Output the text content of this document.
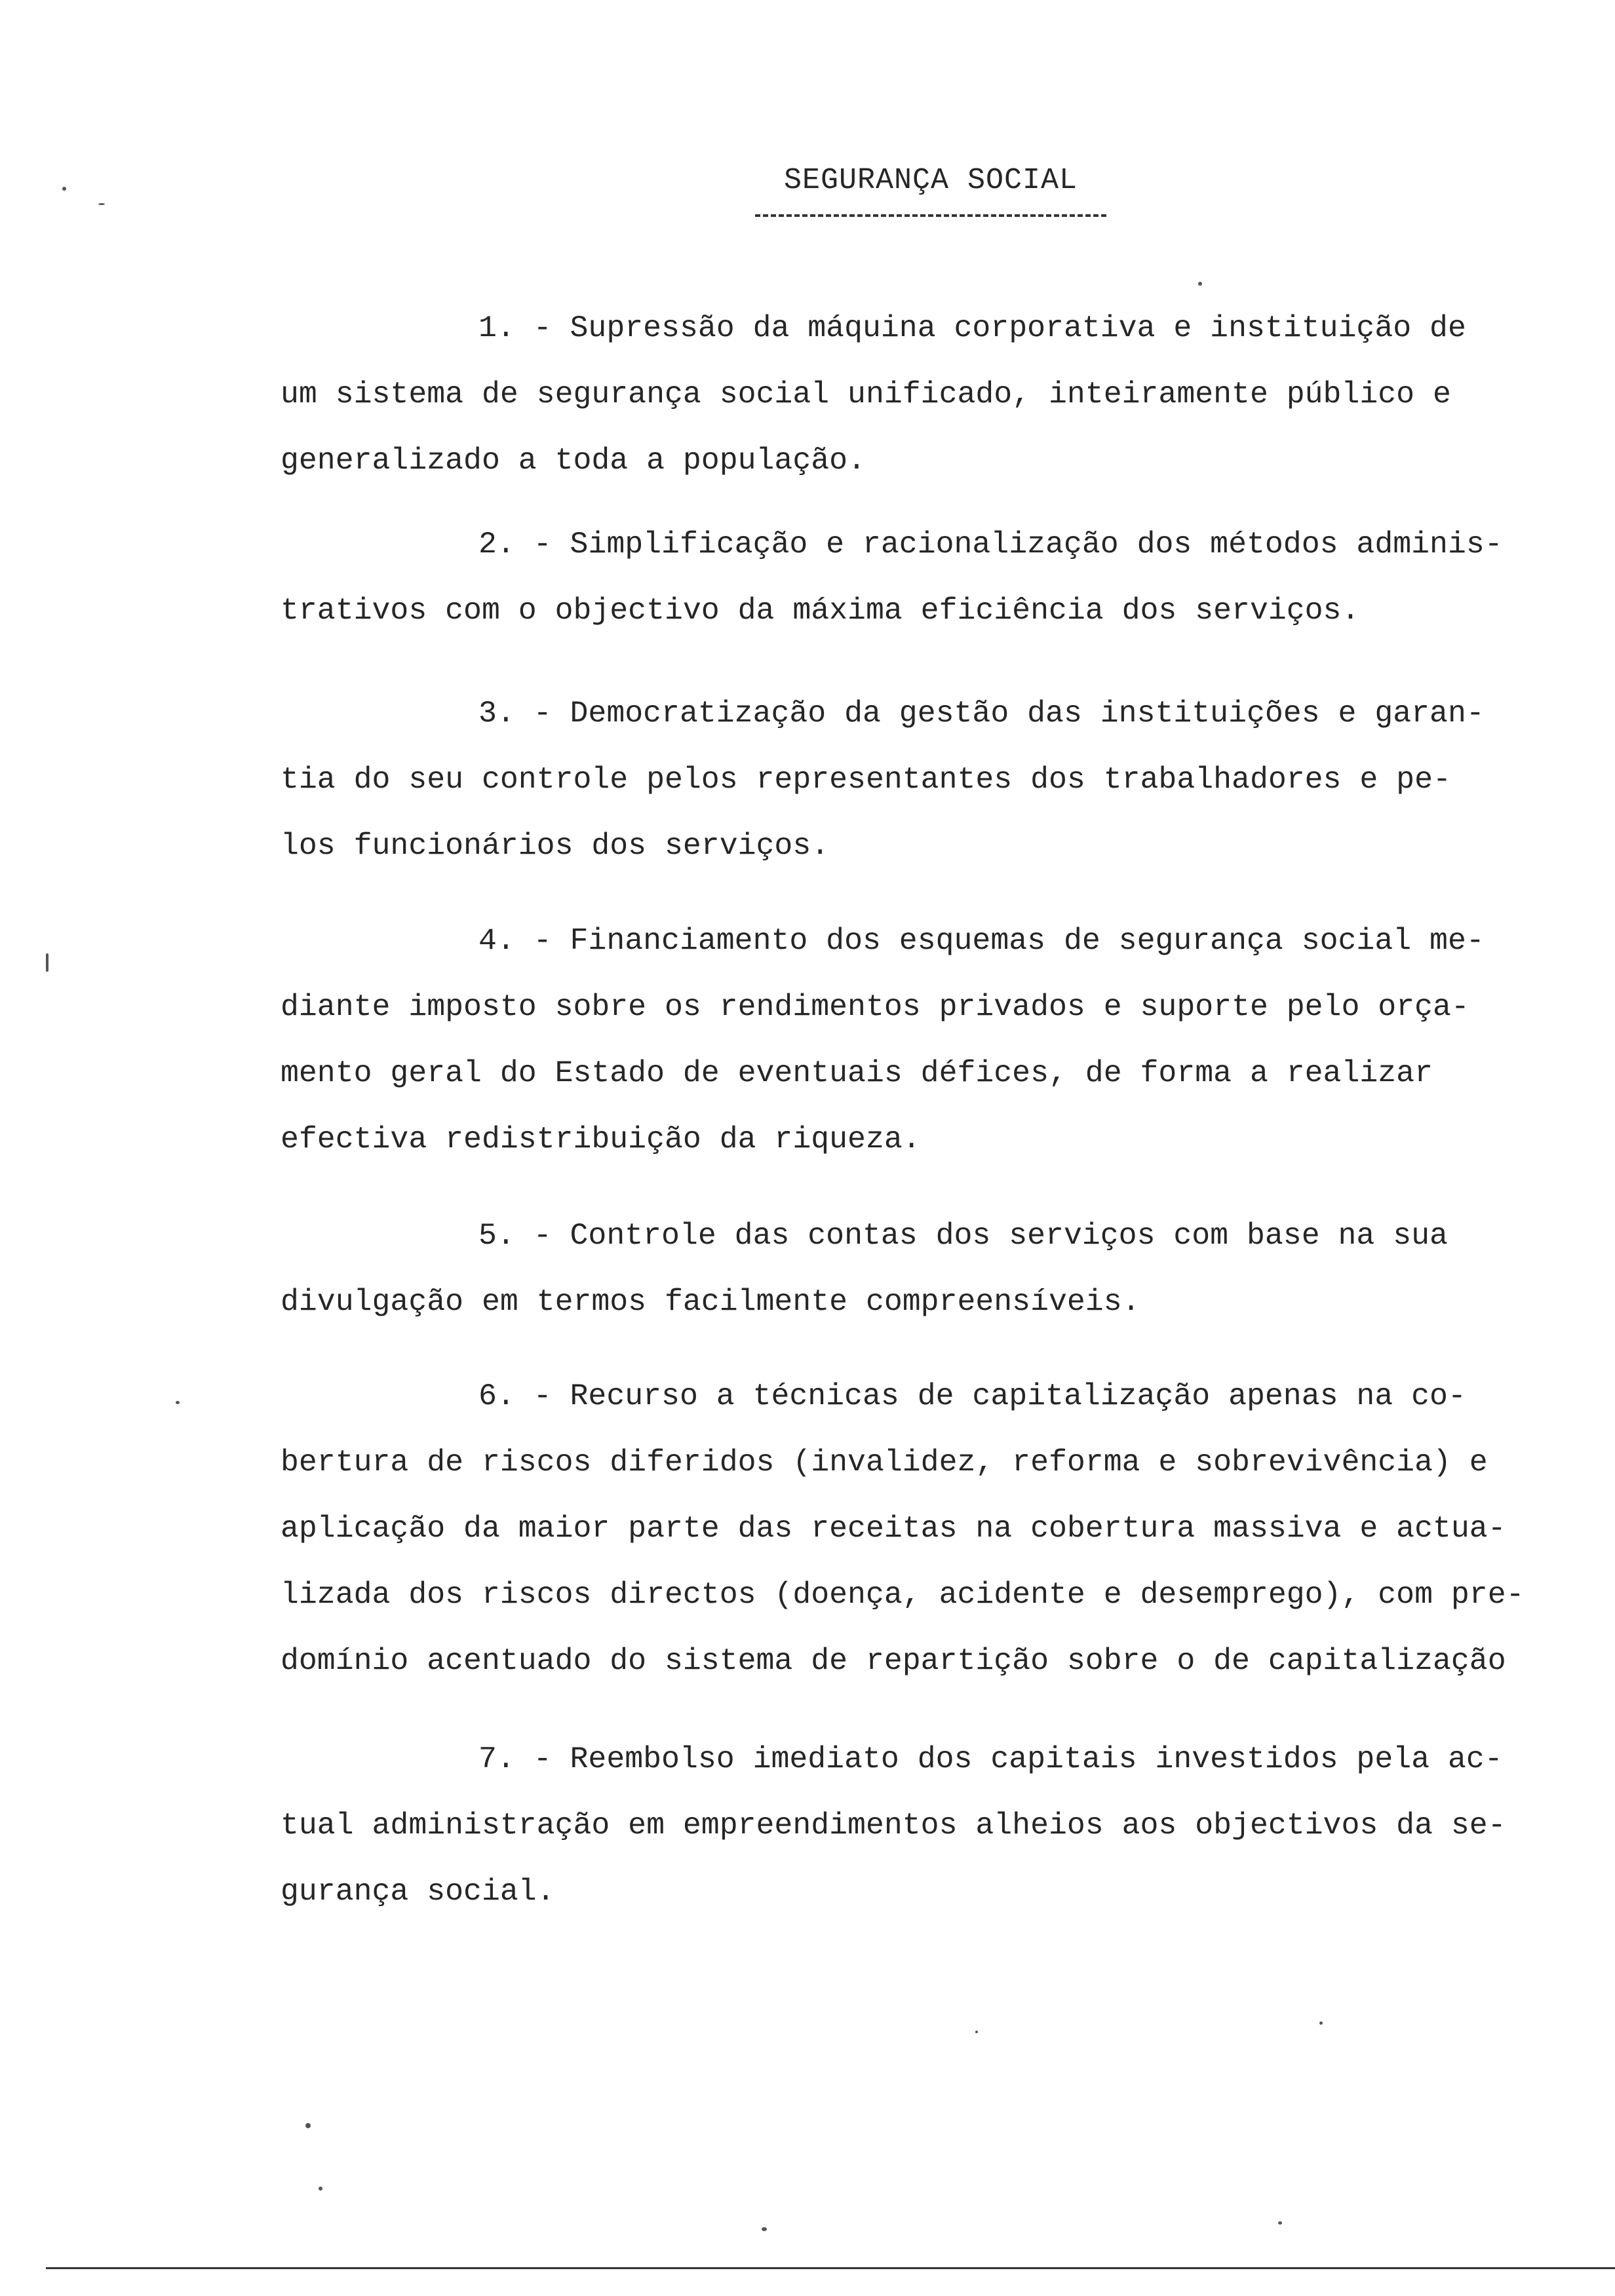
SEGURANÇA SOCIAL
1. - Supressão da máquina corporativa e instituição de
um sistema de segurança social unificado, inteiramente público e
generalizado a toda a população.
2. - Simplificação e racionalização dos métodos adminis-
trativos com o objectivo da máxima eficiência dos serviços.
3. - Democratização da gestão das instituições e garan-
tia do seu controle pelos representantes dos trabalhadores e pe-
los funcionários dos serviços.
4. - Financiamento dos esquemas de segurança social me-
diante imposto sobre os rendimentos privados e suporte pelo orça-
mento geral do Estado de eventuais défices, de forma a realizar
efectiva redistribuição da riqueza.
5. - Controle das contas dos serviços com base na sua
divulgação em termos facilmente compreensíveis.
6. - Recurso a técnicas de capitalização apenas na co-
bertura de riscos diferidos (invalidez, reforma e sobrevivência) e
aplicação da maior parte das receitas na cobertura massiva e actua-
lizada dos riscos directos (doença, acidente e desemprego), com pre-
domínio acentuado do sistema de repartição sobre o de capitalização
7. - Reembolso imediato dos capitais investidos pela ac-
tual administração em empreendimentos alheios aos objectivos da se-
gurança social.
